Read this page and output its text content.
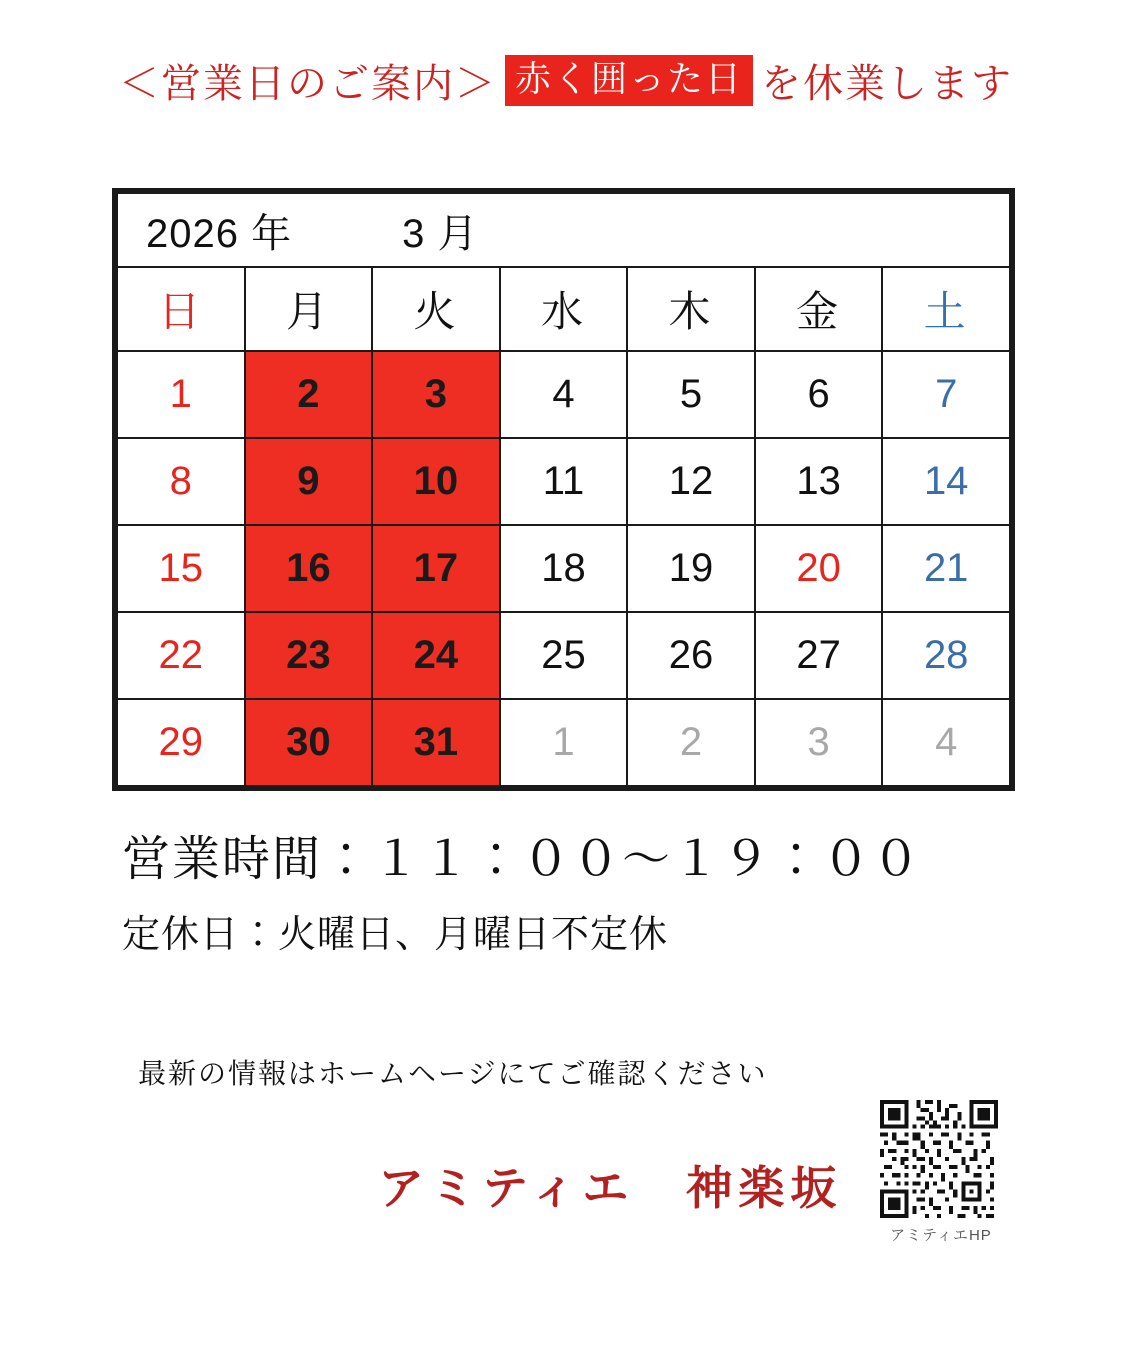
＜営業日のご案内＞ 赤く囲った日 を休業します
2026 年 3 月						

日	月	火	水	木	金	土
1	2	3	4	5	6	7
8	9	10	11	12	13	14
15	16	17	18	19	20	21
22	23	24	25	26	27	28
29	30	31	1	2	3	4
営業時間：１１：００～１９：００
定休日：火曜日、月曜日不定休
最新の情報はホームヘージにてご確認ください
アミティエ　神楽坂
アミティエHP
